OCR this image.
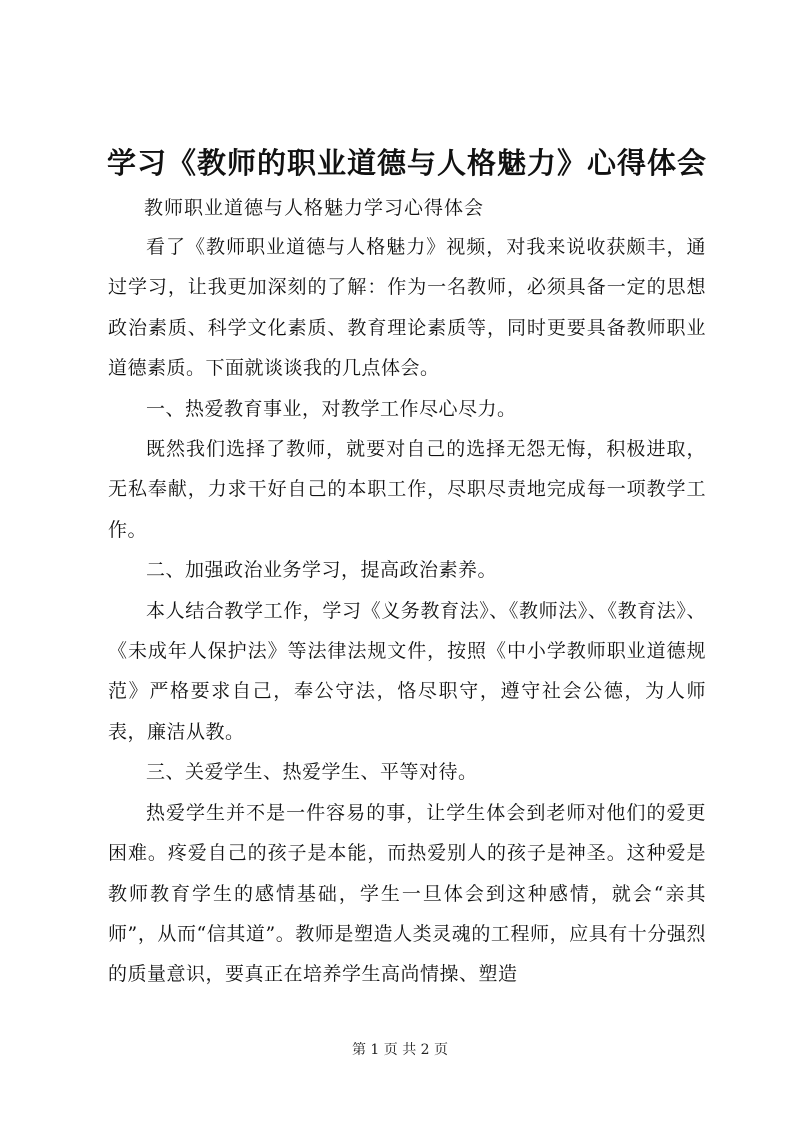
学习《教师的职业道德与人格魅力》心得体会
教师职业道德与人格魅力学习心得体会

看了《教师职业道德与人格魅力》视频，对我来说收获颇丰，通过学习，让我更加深刻的了解：作为一名教师，必须具备一定的思想政治素质、科学文化素质、教育理论素质等，同时更要具备教师职业道德素质。下面就谈谈我的几点体会。

一、热爱教育事业，对教学工作尽心尽力。

既然我们选择了教师，就要对自己的选择无怨无悔，积极进取，无私奉献，力求干好自己的本职工作，尽职尽责地完成每一项教学工作。

二、加强政治业务学习，提高政治素养。

本人结合教学工作，学习《义务教育法》、《教师法》、《教育法》、《未成年人保护法》等法律法规文件，按照《中小学教师职业道德规范》严格要求自己，奉公守法，恪尽职守，遵守社会公德，为人师表，廉洁从教。

三、关爱学生、热爱学生、平等对待。

热爱学生并不是一件容易的事，让学生体会到老师对他们的爱更困难。疼爱自己的孩子是本能，而热爱别人的孩子是神圣。这种爱是教师教育学生的感情基础，学生一旦体会到这种感情，就会“亲其师”，从而“信其道”。教师是塑造人类灵魂的工程师，应具有十分强烈的质量意识，要真正在培养学生高尚情操、塑造

第 1 页 共 2 页
